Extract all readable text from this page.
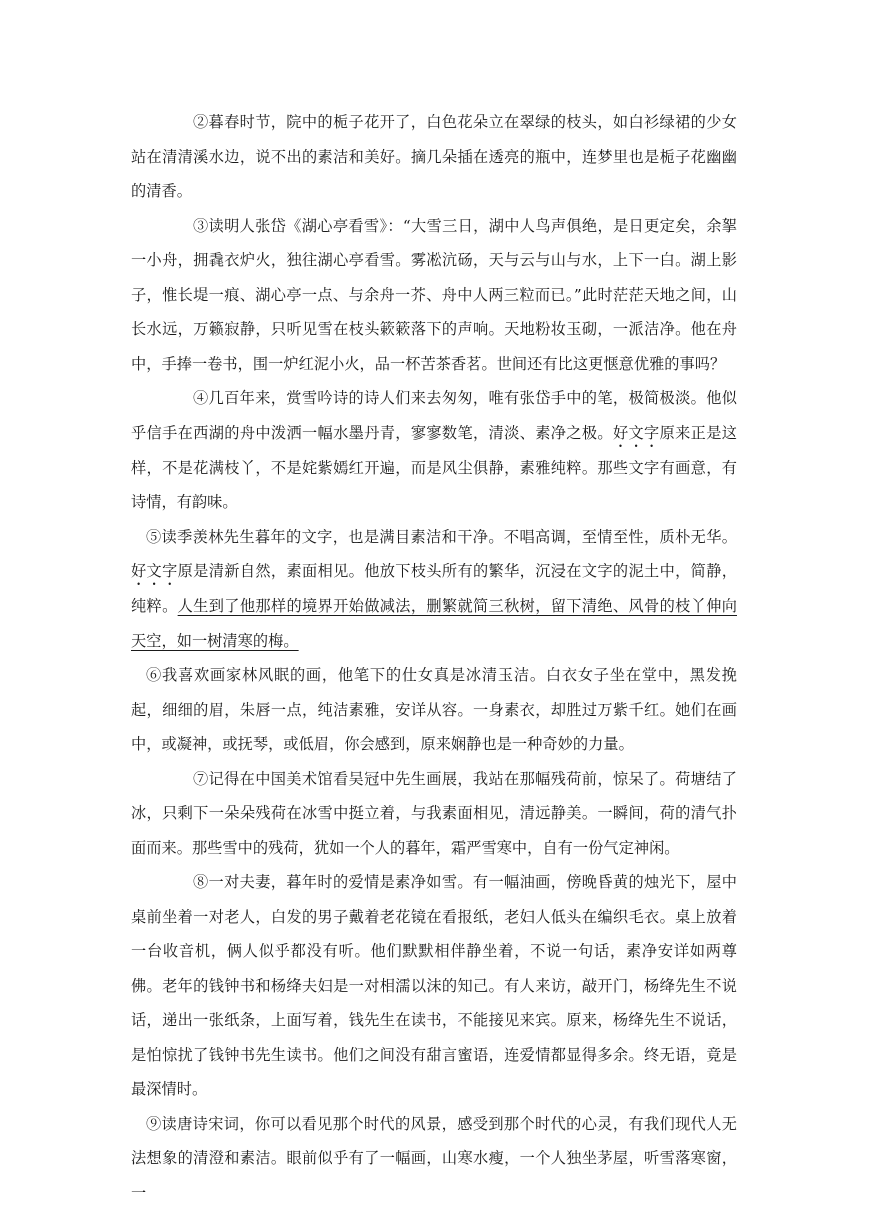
②暮春时节，院中的栀子花开了，白色花朵立在翠绿的枝头，如白衫绿裙的少女站在清清溪水边，说不出的素洁和美好。摘几朵插在透亮的瓶中，连梦里也是栀子花幽幽的清香。

③读明人张岱《湖心亭看雪》：“大雪三日，湖中人鸟声俱绝，是日更定矣，余挐一小舟，拥毳衣炉火，独往湖心亭看雪。雾凇沆砀，天与云与山与水，上下一白。湖上影子，惟长堤一痕、湖心亭一点、与余舟一芥、舟中人两三粒而已。”此时茫茫天地之间，山长水远，万籁寂静，只听见雪在枝头簌簌落下的声响。天地粉妆玉砌，一派洁净。他在舟中，手捧一卷书，围一炉红泥小火，品一杯苦茶香茗。世间还有比这更惬意优雅的事吗？

④几百年来，赏雪吟诗的诗人们来去匆匆，唯有张岱手中的笔，极简极淡。他似乎信手在西湖的舟中泼洒一幅水墨丹青，寥寥数笔，清淡、素净之极。好文字原来正是这样，不是花满枝丫，不是姹紫嫣红开遍，而是风尘俱静，素雅纯粹。那些文字有画意，有诗情，有韵味。

⑤读季羡林先生暮年的文字，也是满目素洁和干净。不唱高调，至情至性，质朴无华。好文字原是清新自然，素面相见。他放下枝头所有的繁华，沉浸在文字的泥土中，简静，纯粹。人生到了他那样的境界开始做减法，删繁就简三秋树，留下清绝、风骨的枝丫伸向天空，如一树清寒的梅。

⑥我喜欢画家林风眠的画，他笔下的仕女真是冰清玉洁。白衣女子坐在堂中，黑发挽起，细细的眉，朱唇一点，纯洁素雅，安详从容。一身素衣，却胜过万紫千红。她们在画中，或凝神，或抚琴，或低眉，你会感到，原来娴静也是一种奇妙的力量。

⑦记得在中国美术馆看吴冠中先生画展，我站在那幅残荷前，惊呆了。荷塘结了冰，只剩下一朵朵残荷在冰雪中挺立着，与我素面相见，清远静美。一瞬间，荷的清气扑面而来。那些雪中的残荷，犹如一个人的暮年，霜严雪寒中，自有一份气定神闲。

⑧一对夫妻，暮年时的爱情是素净如雪。有一幅油画，傍晚昏黄的烛光下，屋中桌前坐着一对老人，白发的男子戴着老花镜在看报纸，老妇人低头在编织毛衣。桌上放着一台收音机，俩人似乎都没有听。他们默默相伴静坐着，不说一句话，素净安详如两尊佛。老年的钱钟书和杨绛夫妇是一对相濡以沫的知己。有人来访，敲开门，杨绛先生不说话，递出一张纸条，上面写着，钱先生在读书，不能接见来宾。原来，杨绛先生不说话，是怕惊扰了钱钟书先生读书。他们之间没有甜言蜜语，连爱情都显得多余。终无语，竟是最深情时。

⑨读唐诗宋词，你可以看见那个时代的风景，感受到那个时代的心灵，有我们现代人无法想象的清澄和素洁。眼前似乎有了一幅画，山寒水瘦，一个人独坐茅屋，听雪落寒窗，一
